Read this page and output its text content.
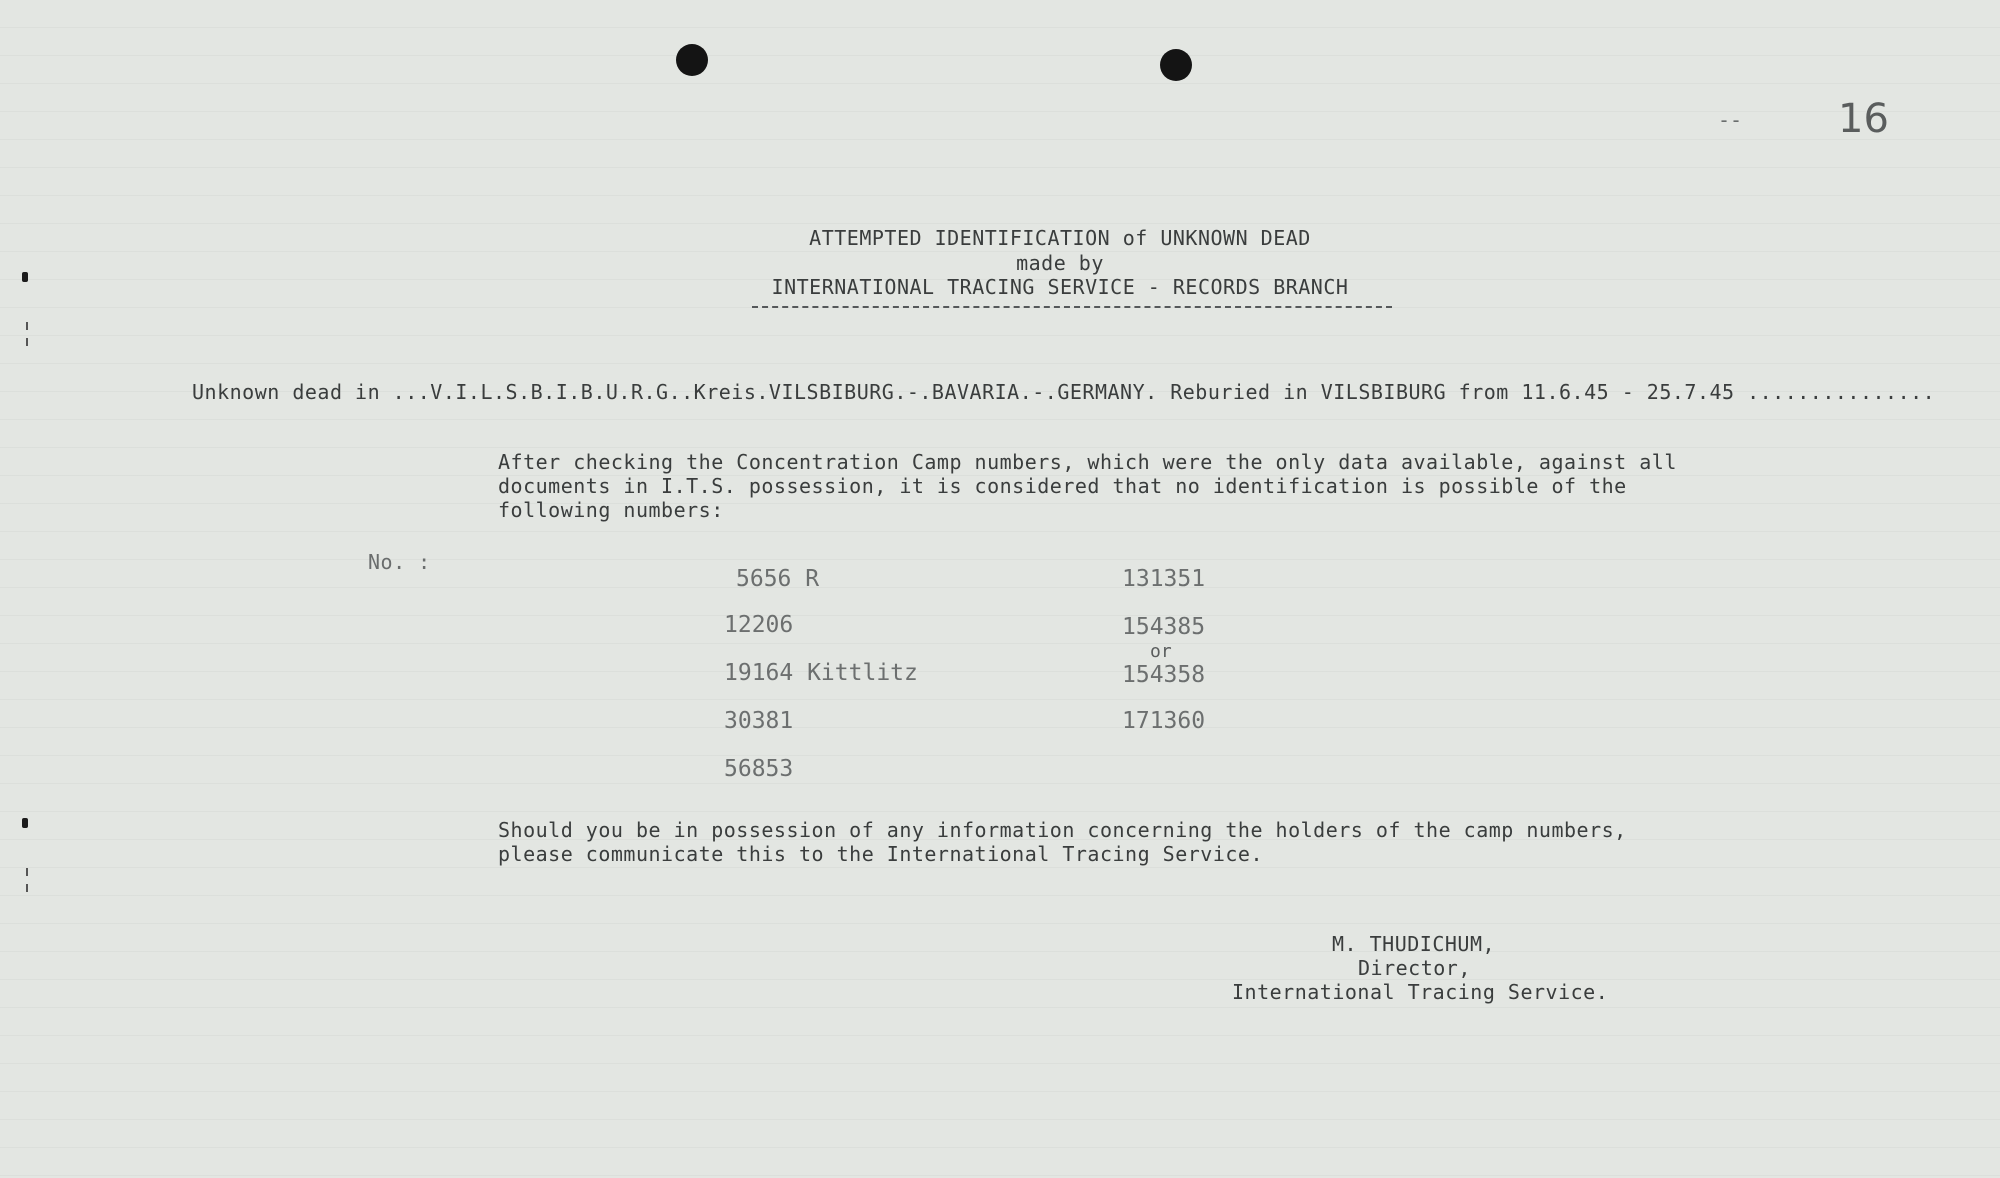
-- 16
ATTEMPTED IDENTIFICATION of UNKNOWN DEAD
made by
INTERNATIONAL TRACING SERVICE - RECORDS BRANCH
Unknown dead in ...V.I.L.S.B.I.B.U.R.G..Kreis.VILSBIBURG.-.BAVARIA.-.GERMANY. Reburied in VILSBIBURG from 11.6.45 - 25.7.45 ...............
After checking the Concentration Camp numbers, which were the only data available, against all
documents in I.T.S. possession, it is considered that no identification is possible of the
following numbers:
No. :
5656 R
12206
19164 Kittlitz
30381
56853
131351
154385
or
154358
171360
Should you be in possession of any information concerning the holders of the camp numbers,
please communicate this to the International Tracing Service.
M. THUDICHUM,
Director,
International Tracing Service.
